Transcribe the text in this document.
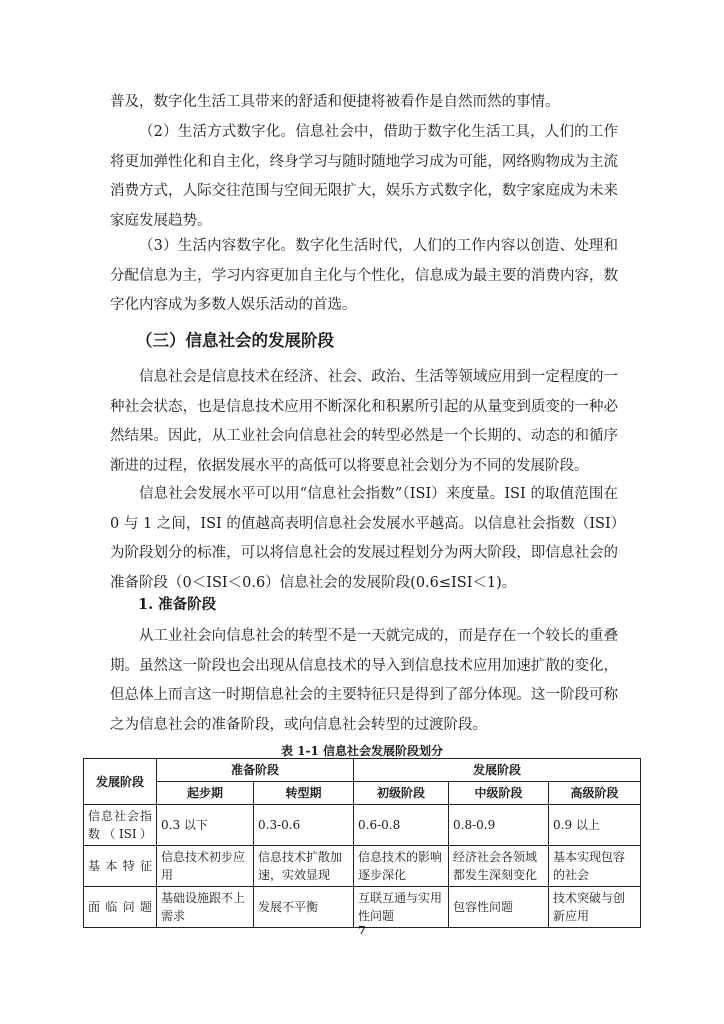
普及，数字化生活工具带来的舒适和便捷将被看作是自然而然的事情。

（2）生活方式数字化。信息社会中，借助于数字化生活工具，人们的工作将更加弹性化和自主化，终身学习与随时随地学习成为可能，网络购物成为主流消费方式，人际交往范围与空间无限扩大，娱乐方式数字化，数字家庭成为未来家庭发展趋势。

（3）生活内容数字化。数字化生活时代，人们的工作内容以创造、处理和分配信息为主，学习内容更加自主化与个性化，信息成为最主要的消费内容，数字化内容成为多数人娱乐活动的首选。

（三）信息社会的发展阶段

信息社会是信息技术在经济、社会、政治、生活等领域应用到一定程度的一种社会状态，也是信息技术应用不断深化和积累所引起的从量变到质变的一种必然结果。因此，从工业社会向信息社会的转型必然是一个长期的、动态的和循序渐进的过程，依据发展水平的高低可以将要息社会划分为不同的发展阶段。

信息社会发展水平可以用“信息社会指数”（ISI）来度量。ISI 的取值范围在 0 与 1 之间，ISI 的值越高表明信息社会发展水平越高。以信息社会指数（ISI）为阶段划分的标准，可以将信息社会的发展过程划分为两大阶段，即信息社会的准备阶段（0＜ISI＜0.6）信息社会的发展阶段(0.6≤ISI＜1)。

1. 准备阶段

从工业社会向信息社会的转型不是一天就完成的，而是存在一个较长的重叠期。虽然这一阶段也会出现从信息技术的导入到信息技术应用加速扩散的变化，但总体上而言这一时期信息社会的主要特征只是得到了部分体现。这一阶段可称之为信息社会的准备阶段，或向信息社会转型的过渡阶段。

表 1-1 信息社会发展阶段划分
发展阶段	准备阶段		发展阶段		
	起步期	转型期	初级阶段	中级阶段	高级阶段
信息社会指数（ISI）	0.3 以下	0.3-0.6	0.6-0.8	0.8-0.9	0.9 以上
基本特征	信息技术初步应用	信息技术扩散加速，实效显现	信息技术的影响逐步深化	经济社会各领域都发生深刻变化	基本实现包容的社会
面临问题	基础设施跟不上需求	发展不平衡	互联互通与实用性问题	包容性问题	技术突破与创新应用
7
